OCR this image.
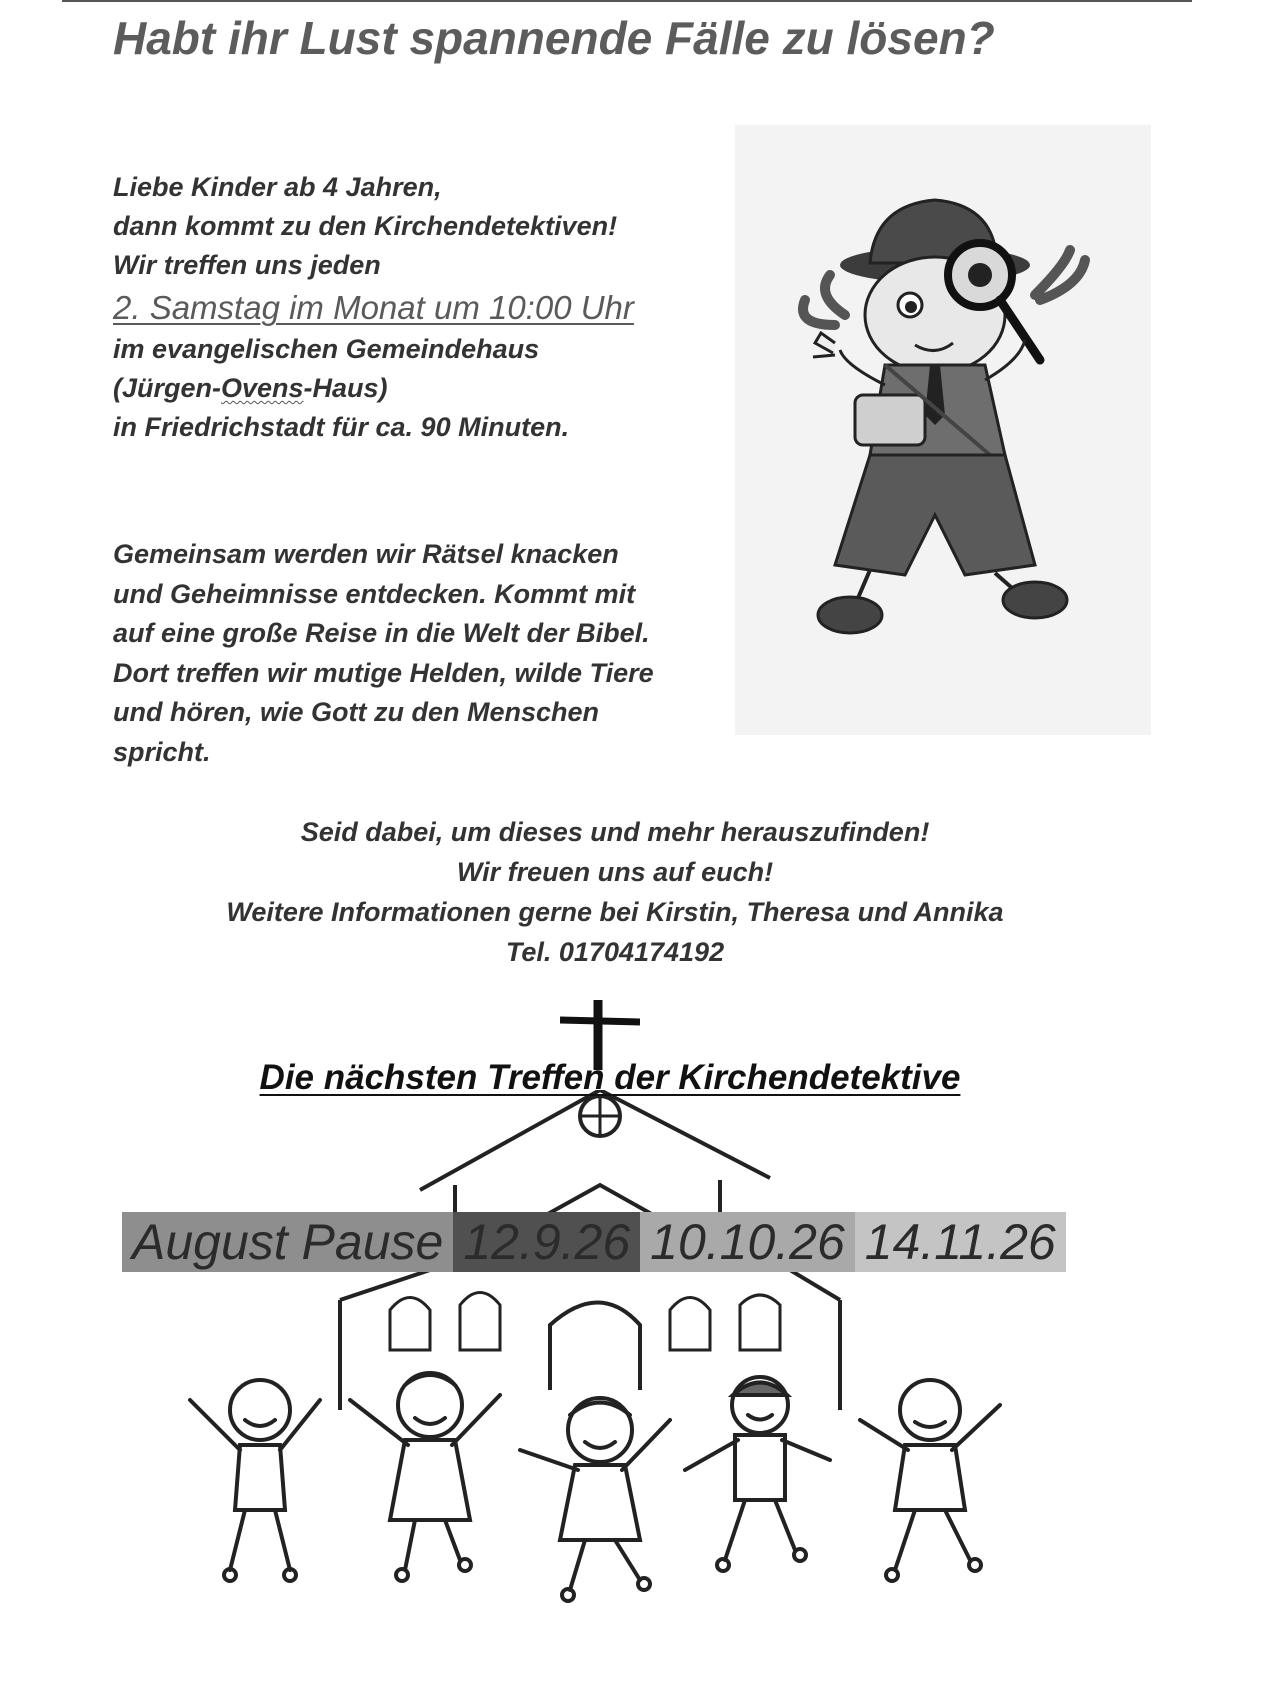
Habt ihr Lust spannende Fälle zu lösen?
Liebe Kinder ab 4 Jahren,
dann kommt zu den Kirchendetektiven!
Wir treffen uns jeden
2. Samstag im Monat um 10:00 Uhr
im evangelischen Gemeindehaus
(Jürgen-Ovens-Haus)
in Friedrichstadt für ca. 90 Minuten.
Gemeinsam werden wir Rätsel knacken
und Geheimnisse entdecken. Kommt mit
auf eine große Reise in die Welt der Bibel.
Dort treffen wir mutige Helden, wilde Tiere
und hören, wie Gott zu den Menschen
spricht.
Seid dabei, um dieses und mehr herauszufinden!
Wir freuen uns auf euch!
Weitere Informationen gerne bei Kirstin, Theresa und Annika
Tel. 01704174192
August Pause 12.9.26 10.10.26 14.11.26
Die nächsten Treffen der Kirchendetektive
